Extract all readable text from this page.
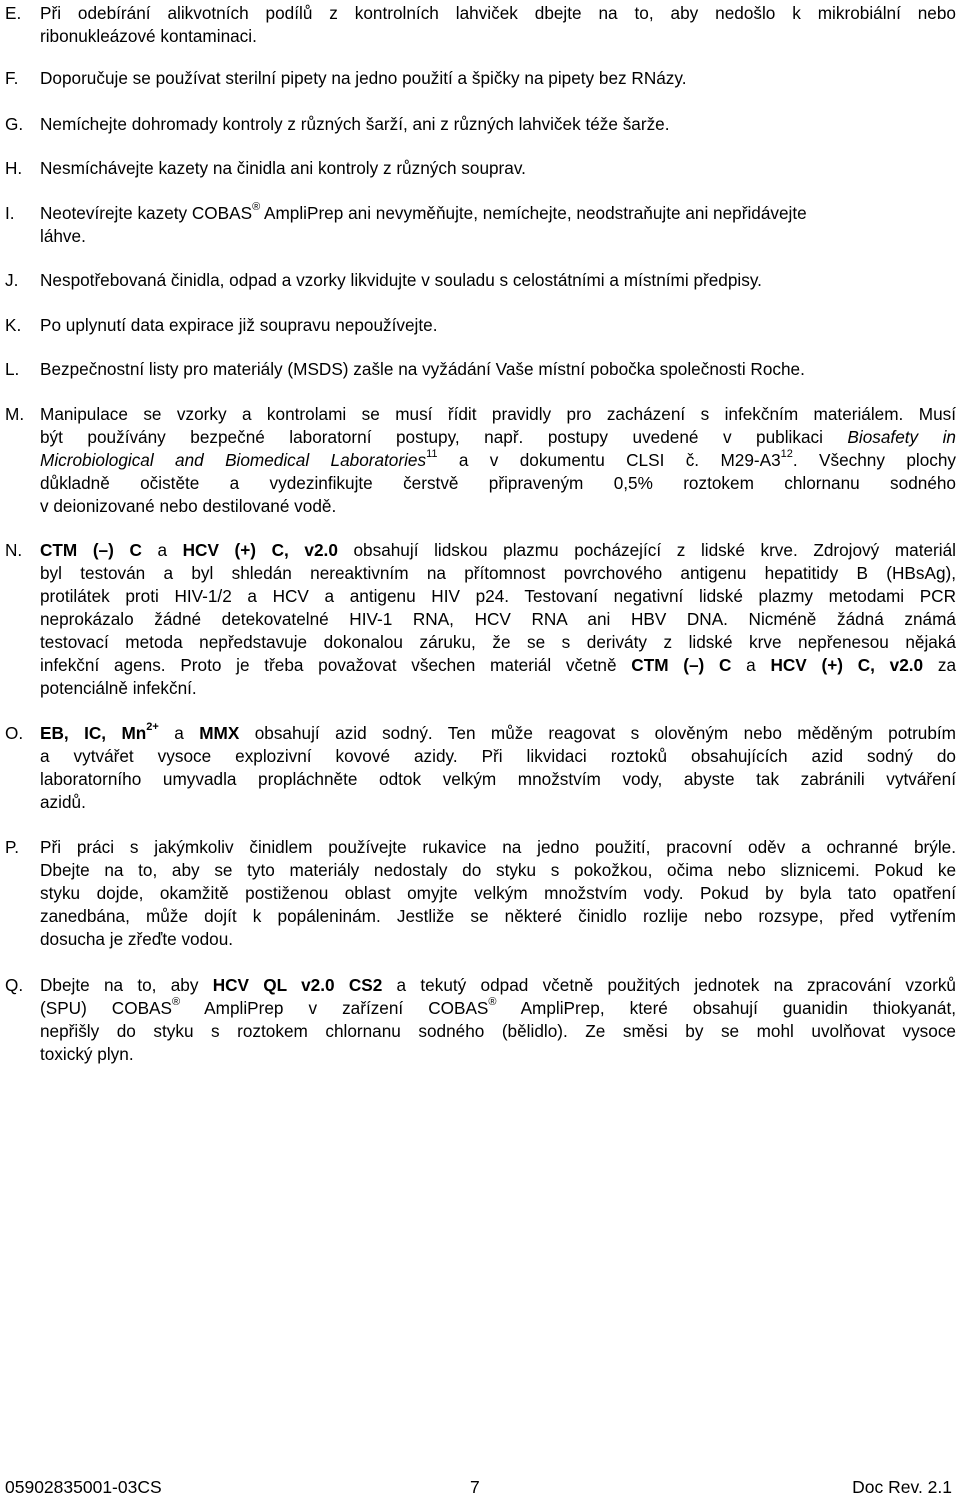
E. Při odebírání alikvotních podílů z kontrolních lahviček dbejte na to, aby nedošlo k mikrobiální nebo
ribonukleázové kontaminaci.
F. Doporučuje se používat sterilní pipety na jedno použití a špičky na pipety bez RNázy.
G. Nemíchejte dohromady kontroly z různých šarží, ani z různých lahviček téže šarže.
H. Nesmíchávejte kazety na činidla ani kontroly z různých souprav.
I. Neotevírejte kazety COBAS® AmpliPrep ani nevyměňujte, nemíchejte, neodstraňujte ani nepřidávejte
láhve.
J. Nespotřebovaná činidla, odpad a vzorky likvidujte v souladu s celostátními a místními předpisy.
K. Po uplynutí data expirace již soupravu nepoužívejte.
L. Bezpečnostní listy pro materiály (MSDS) zašle na vyžádání Vaše místní pobočka společnosti Roche.
M. Manipulace se vzorky a kontrolami se musí řídit pravidly pro zacházení s infekčním materiálem. Musí
být používány bezpečné laboratorní postupy, např. postupy uvedené v publikaci Biosafety in
Microbiological and Biomedical Laboratories$^{11}$ a v dokumentu CLSI č. $M29-A3^{12}$. Všechny plochy
důkladně očistěte a vydezinfikujte čerstvě připraveným 0,5% roztokem chlornanu sodného
v deionizované nebo destilované vodě.
N. CTM (–) C a HCV (+) C, v2.0 obsahují lidskou plazmu pocházející z lidské krve. Zdrojový materiál
byl testován a byl shledán nereaktivním na přítomnost povrchového antigenu hepatitidy B (HBsAg),
protilátek proti HIV-1/2 a HCV a antigenu HIV p24. Testovaní negativní lidské plazmy metodami PCR
neprokázalo žádné detekovatelné HIV-1 RNA, HCV RNA ani HBV DNA. Nicméně žádná známá
testovací metoda nepředstavuje dokonalou záruku, že se s deriváty z lidské krve nepřenesou nějaká
infekční agens. Proto je třeba považovat všechen materiál včetně CTM (–) C a HCV (+) C, v2.0 za
potenciálně infekční.
O. EB, IC, $Mn^{2+}$ a MMX obsahují azid sodný. Ten může reagovat s olověným nebo měděným potrubím
a vytvářet vysoce explozivní kovové azidy. Při likvidaci roztoků obsahujících azid sodný do
laboratorního umyvadla propláchněte odtok velkým množstvím vody, abyste tak zabránili vytváření
azidů.
P. Při práci s jakýmkoliv činidlem používejte rukavice na jedno použití, pracovní oděv a ochranné brýle.
Dbejte na to, aby se tyto materiály nedostaly do styku s pokožkou, očima nebo sliznicemi. Pokud ke
styku dojde, okamžitě postiženou oblast omyjte velkým množstvím vody. Pokud by byla tato opatření
zanedbána, může dojít k popáleninám. Jestliže se některé činidlo rozlije nebo rozsype, před vytřením
dosucha je zřeďte vodou.
Q. Dbejte na to, aby HCV QL v2.0 CS2 a tekutý odpad včetně použitých jednotek na zpracování vzorků
(SPU) COBAS® AmpliPrep v zařízení COBAS® AmpliPrep, které obsahují guanidin thiokyanát,
nepřišly do styku s roztokem chlornanu sodného (bělidlo). Ze směsi by se mohl uvolňovat vysoce
toxický plyn.
05902835001-03CS	7	Doc Rev. 2.1
